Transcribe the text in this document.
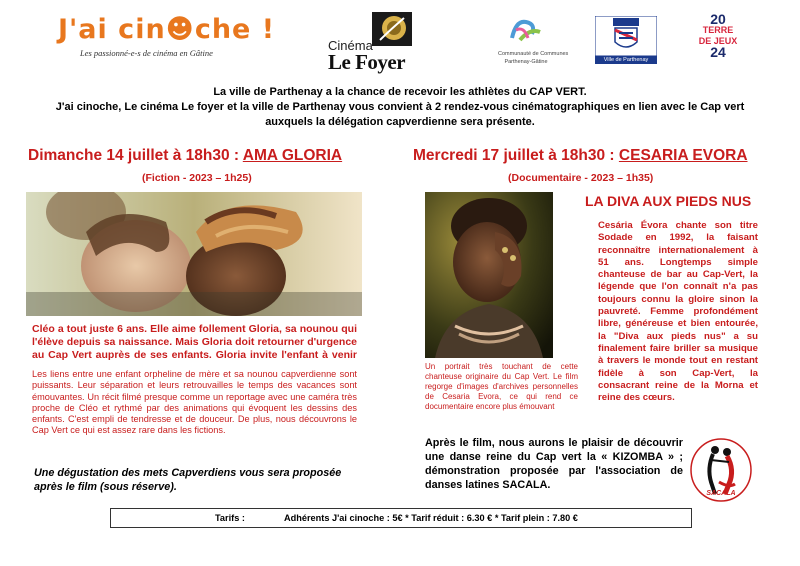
J'ai cin☻che !
Les passionné-e-s de cinéma en Gâtine	Cinéma
Le Foyer	Communauté de Communes
Parthenay-Gâtine	Ville de Parthenay
20
TERRE
DE JEUX
24
La ville de Parthenay a la chance de recevoir les athlètes du CAP VERT.
J'ai cinoche, Le cinéma Le foyer et la ville de Parthenay vous convient à 2 rendez-vous cinématographiques en lien avec le Cap vert
auxquels la délégation capverdienne sera présente.
Dimanche 14 juillet à 18h30 : AMA GLORIA
(Fiction - 2023 – 1h25)
Cléo a tout juste 6 ans. Elle aime follement Gloria, sa nounou qui l'élève depuis sa naissance. Mais Gloria doit retourner d'urgence au Cap Vert auprès de ses enfants. Gloria invite l'enfant à venir
Les liens entre une enfant orpheline de mère et sa nounou capverdienne sont puissants. Leur séparation et leurs retrouvailles le temps des vacances sont émouvantes. Un récit filmé presque comme un reportage avec une caméra très proche de Cléo et rythmé par des animations qui évoquent les dessins des enfants. C'est empli de tendresse et de douceur. De plus, nous découvrons le Cap Vert ce qui est assez rare dans les fictions.
Une dégustation des mets Capverdiens vous sera proposée après le film (sous réserve).
Mercredi 17 juillet à 18h30 : CESARIA EVORA
(Documentaire - 2023 – 1h35)
LA DIVA AUX PIEDS NUS
Cesária Évora chante son titre Sodade en 1992, la faisant reconnaître internationalement à 51 ans. Longtemps simple chanteuse de bar au Cap-Vert, la légende que l'on connaît n'a pas toujours connu la gloire sinon la pauvreté. Femme profondément libre, généreuse et bien entourée, la "Diva aux pieds nus" a su finalement faire briller sa musique à travers le monde tout en restant fidèle à son Cap-Vert, la consacrant reine de la Morna et reine des cœurs.
Un portrait très touchant de cette chanteuse originaire du Cap Vert. Le film regorge d'images d'archives personnelles de Cesaria Evora, ce qui rend ce documentaire encore plus émouvant
Après le film, nous aurons le plaisir de découvrir une danse reine du Cap vert la « KIZOMBA » ; démonstration proposée par l'association de danses latines SACALA.
SACALA
Tarifs :	Adhérents J'ai cinoche : 5€ * Tarif réduit : 6.30 € * Tarif plein : 7.80 €
